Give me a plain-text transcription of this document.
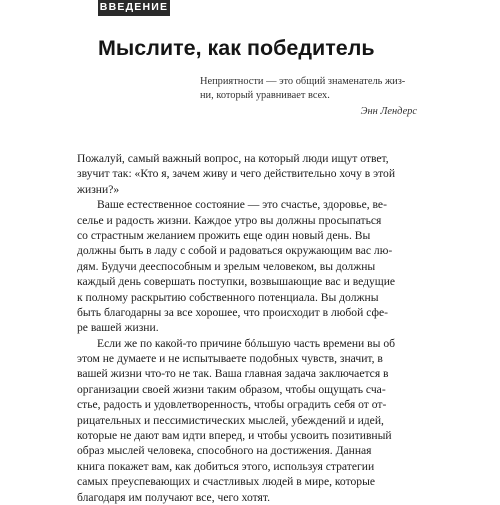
ВВЕДЕНИЕ
Мыслите, как победитель
Неприятности — это общий знаменатель жиз-
ни, который уравнивает всех.
Энн Лендерс
Пожалуй, самый важный вопрос, на который люди ищут ответ,
звучит так: «Кто я, зачем живу и чего действительно хочу в этой
жизни?»
Ваше естественное состояние — это счастье, здоровье, ве-
селье и радость жизни. Каждое утро вы должны просыпаться
со страстным желанием прожить еще один новый день. Вы
должны быть в ладу с собой и радоваться окружающим вас лю-
дям. Будучи дееспособным и зрелым человеком, вы должны
каждый день совершать поступки, возвышающие вас и ведущие
к полному раскрытию собственного потенциала. Вы должны
быть благодарны за все хорошее, что происходит в любой сфе-
ре вашей жизни.
Если же по какой-то причине бóльшую часть времени вы об
этом не думаете и не испытываете подобных чувств, значит, в
вашей жизни что-то не так. Ваша главная задача заключается в
организации своей жизни таким образом, чтобы ощущать сча-
стье, радость и удовлетворенность, чтобы оградить себя от от-
рицательных и пессимистических мыслей, убеждений и идей,
которые не дают вам идти вперед, и чтобы усвоить позитивный
образ мыслей человека, способного на достижения. Данная
книга покажет вам, как добиться этого, используя стратегии
самых преуспевающих и счастливых людей в мире, которые
благодаря им получают все, чего хотят.
